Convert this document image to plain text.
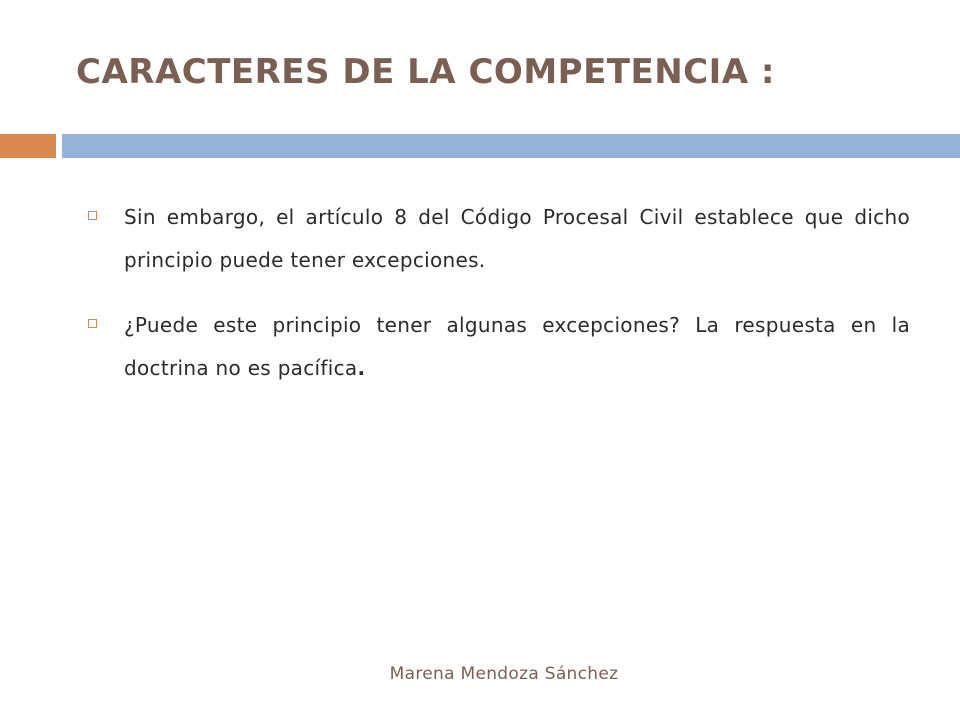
CARACTERES DE LA COMPETENCIA :
Sin embargo, el artículo 8 del Código Procesal Civil establece que dicho principio puede tener excepciones.
¿Puede este principio tener algunas excepciones? La respuesta en la doctrina no es pacífica.
Marena Mendoza Sánchez
